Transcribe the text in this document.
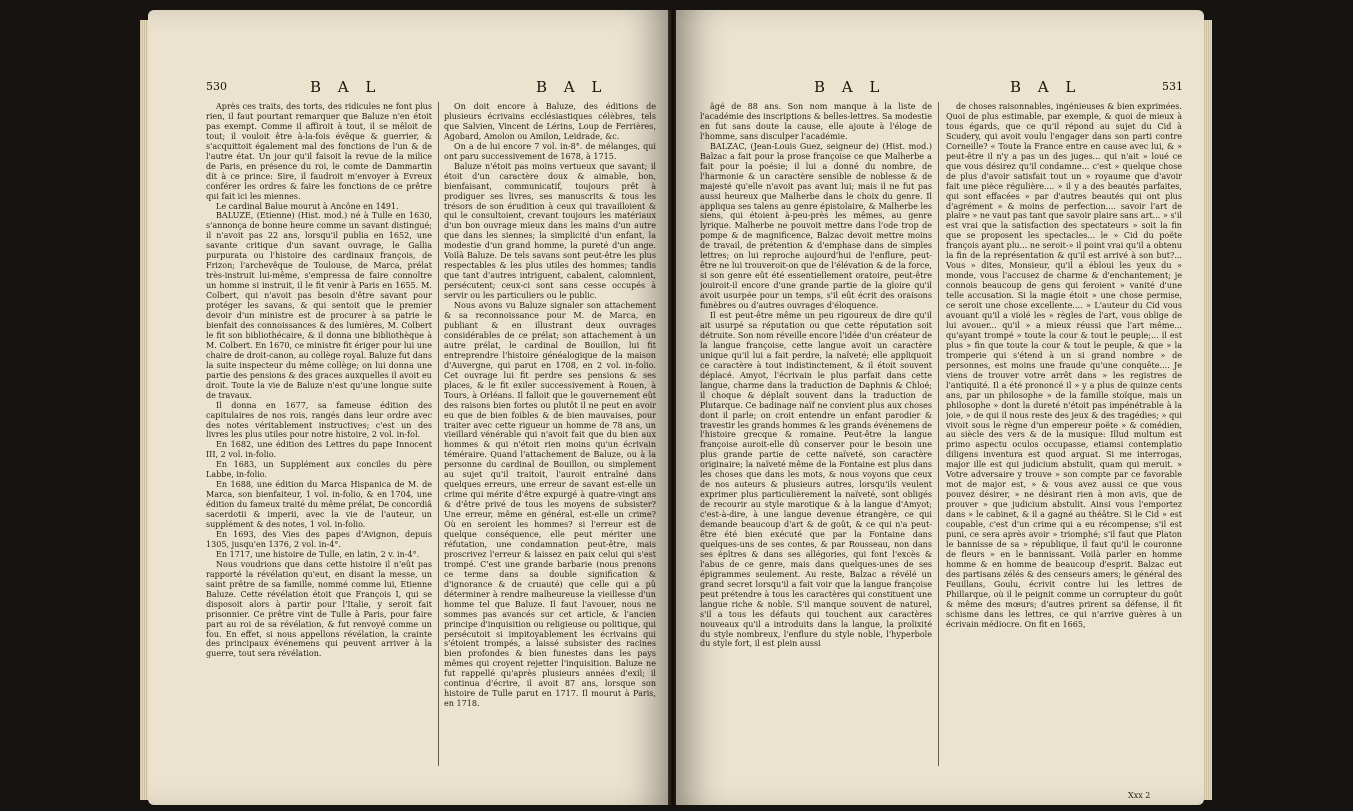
530	B A L	B A L

Après ces traits, des torts, des ridicules ne font plus rien, il faut pourtant remarquer que Baluze n'en étoit pas exempt. Comme il affiroit à tout, il se mêloit de tout; il vouloit être à-la-fois évêque & guerrier, & s'acquittoit également mal des fonctions de l'un & de l'autre état. Un jour qu'il faisoit la revue de la milice de Paris, en présence du roi, le comte de Dammartin dit à ce prince: Sire, il faudroit m'envoyer à Evreux conférer les ordres & faire les fonctions de ce prêtre qui fait ici les miennes.

Le cardinal Balue mourut à Ancône en 1491.

BALUZE, (Etienne) (Hist. mod.) né à Tulle en 1630, s'annonça de bonne heure comme un savant distingué; il n'avoit pas 22 ans, lorsqu'il publia en 1652, une savante critique d'un savant ouvrage, le Gallia purpurata ou l'histoire des cardinaux françois, de Frizon; l'archevêque de Toulouse, de Marca, prélat très-instruit lui-même, s'empressa de faire connoître un homme si instruit, il le fit venir à Paris en 1655. M. Colbert, qui n'avoit pas besoin d'être savant pour protéger les savans, & qui sentoit que le premier devoir d'un ministre est de procurer à sa patrie le bienfait des connoissances & des lumières, M. Colbert le fit son bibliothécaire, & il donna une bibliothèque à M. Colbert. En 1670, ce ministre fit ériger pour lui une chaire de droit-canon, au collège royal. Baluze fut dans la suite inspecteur du même collège; on lui donna une partie des pensions & des graces auxquelles il avoit eu droit. Toute la vie de Baluze n'est qu'une longue suite de travaux.

Il donna en 1677, sa fameuse édition des capitulaires de nos rois, rangés dans leur ordre avec des notes véritablement instructives; c'est un des livres les plus utiles pour notre histoire, 2 vol. in-fol.

En 1682, une édition des Lettres du pape Innocent III, 2 vol. in-folio.

En 1683, un Supplément aux conciles du père Labbe, in-folio.

En 1688, une édition du Marca Hispanica de M. de Marca, son bienfaiteur, 1 vol. in-folio, & en 1704, une édition du fameux traité du même prélat, De concordiâ sacerdotii & imperii, avec la vie de l'auteur, un supplément & des notes, 1 vol. in-folio.

En 1693, des Vies des papes d'Avignon, depuis 1305, jusqu'en 1376, 2 vol. in-4°.

En 1717, une histoire de Tulle, en latin, 2 v. in-4°.

Nous voudrions que dans cette histoire il n'eût pas rapporté la révélation qu'eut, en disant la messe, un saint prêtre de sa famille, nommé comme lui, Etienne Baluze. Cette révélation étoit que François I, qui se disposoit alors à partir pour l'Italie, y seroit fait prisonnier. Ce prêtre vint de Tulle à Paris, pour faire part au roi de sa révélation, & fut renvoyé comme un fou. En effet, si nous appellons révélation, la crainte des principaux événemens qui peuvent arriver à la guerre, tout sera révélation.

On doit encore à Baluze, des éditions de plusieurs écrivains ecclésiastiques célèbres, tels que Salvien, Vincent de Lérins, Loup de Ferrières, Agobard, Amolon ou Amilon, Leidrade, &c.

On a de lui encore 7 vol. in-8°. de mélanges, qui ont paru successivement de 1678, à 1715.

Baluze n'étoit pas moins vertueux que savant; il étoit d'un caractère doux & aimable, bon, bienfaisant, communicatif, toujours prêt à prodiguer ses livres, ses manuscrits & tous les trésors de son érudition à ceux qui travailloient & qui le consultoient, crevant toujours les matériaux d'un bon ouvrage mieux dans les mains d'un autre que dans les siennes; la simplicité d'un enfant, la modestie d'un grand homme, la pureté d'un ange. Voilà Baluze. De tels savans sont peut-être les plus respectables & les plus utiles des hommes; tandis que tant d'autres intriguent, cabalent, calomnient, persécutent; ceux-ci sont sans cesse occupés à servir ou les particuliers ou le public.

Nous avons vu Baluze signaler son attachement & sa reconnoissance pour M. de Marca, en publiant & en illustrant deux ouvrages considérables de ce prélat; son attachement à un autre prélat, le cardinal de Bouillon, lui fit entreprendre l'histoire généalogique de la maison d'Auvergne, qui parut en 1708, en 2 vol. in-folio. Cet ouvrage lui fit perdre ses pensions & ses places, & le fit exiler successivement à Rouen, à Tours, à Orléans. Il falloit que le gouvernement eût des raisons bien fortes ou plutôt il ne peut en avoir eu que de bien foibles & de bien mauvaises, pour traiter avec cette rigueur un homme de 78 ans, un vieillard vénérable qui n'avoit fait que du bien aux hommes & qui n'étoit rien moins qu'un écrivain téméraire. Quand l'attachement de Baluze, ou à la personne du cardinal de Bouillon, ou simplement au sujet qu'il traitoit, l'auroit entraîné dans quelques erreurs, une erreur de savant est-elle un crime qui mérite d'être expurgé à quatre-vingt ans & d'être privé de tous les moyens de subsister? Une erreur, même en général, est-elle un crime? Où en seroient les hommes? si l'erreur est de quelque conséquence, elle peut mériter une réfutation, une condamnation peut-être, mais proscrivez l'erreur & laissez en paix celui qui s'est trompé. C'est une grande barbarie (nous prenons ce terme dans sa double signification & d'ignorance & de cruauté) que celle qui a pû déterminer à rendre malheureuse la vieillesse d'un homme tel que Baluze. Il faut l'avouer, nous ne sommes pas avancés sur cet article, & l'ancien principe d'inquisition ou religieuse ou politique, qui persécutoit si impitoyablement les écrivains qui s'étoient trompés, a laissé subsister des racines bien profondes & bien funestes dans les pays mêmes qui croyent rejetter l'inquisition. Baluze ne fut rappellé qu'après plusieurs années d'exil; il continua d'écrire, il avoit 87 ans, lorsque son histoire de Tulle parut en 1717. Il mourut à Paris, en 1718.

B A L	B A L	531

âgé de 88 ans. Son nom manque à la liste de l'académie des inscriptions & belles-lettres. Sa modestie en fut sans doute la cause, elle ajoute à l'éloge de l'homme, sans disculper l'académie.

BALZAC, (Jean-Louis Guez, seigneur de) (Hist. mod.) Balzac a fait pour la prose françoise ce que Malherbe a fait pour la poésie; il lui a donné du nombre, de l'harmonie & un caractère sensible de noblesse & de majesté qu'elle n'avoit pas avant lui; mais il ne fut pas aussi heureux que Malherbe dans le choix du genre. Il appliqua ses talens au genre épistolaire, & Malherbe les siens, qui étoient à-peu-près les mêmes, au genre lyrique. Malherbe ne pouvoit mettre dans l'ode trop de pompe & de magnificence, Balzac devoit mettre moins de travail, de prétention & d'emphase dans de simples lettres; on lui reproche aujourd'hui de l'enflure, peut-être ne lui trouveroit-on que de l'élévation & de la force, si son genre eût été essentiellement oratoire, peut-être jouiroit-il encore d'une grande partie de la gloire qu'il avoit usurpée pour un temps, s'il eût écrit des oraisons funèbres ou d'autres ouvrages d'éloquence.

Il est peut-être même un peu rigoureux de dire qu'il ait usurpé sa réputation ou que cette réputation soit détruite. Son nom réveille encore l'idée d'un créateur de la langue françoise, cette langue avoit un caractère unique qu'il lui a fait perdre, la naïveté; elle appliquoit ce caractère à tout indistinctement, & il étoit souvent déplacé. Amyot, l'écrivain le plus parfait dans cette langue, charme dans la traduction de Daphnis & Chloé; il choque & déplaît souvent dans la traduction de Plutarque. Ce badinage naïf ne convient plus aux choses dont il parle; on croit entendre un enfant parodier & travestir les grands hommes & les grands événemens de l'histoire grecque & romaine. Peut-être la langue françoise auroit-elle dû conserver pour le besoin une plus grande partie de cette naïveté, son caractère originaire; la naïveté même de la Fontaine est plus dans les choses que dans les mots, & nous voyons que ceux de nos auteurs & plusieurs autres, lorsqu'ils veulent exprimer plus particulièrement la naïveté, sont obligés de recourir au style marotique & à la langue d'Amyot; c'est-à-dire, à une langue devenue étrangère, ce qui demande beaucoup d'art & de goût, & ce qui n'a peut-être été bien exécuté que par la Fontaine dans quelques-uns de ses contes, & par Rousseau, non dans ses épîtres & dans ses allégories, qui font l'excès & l'abus de ce genre, mais dans quelques-unes de ses épigrammes seulement. Au reste, Balzac a révélé un grand secret lorsqu'il a fait voir que la langue françoise peut prétendre à tous les caractères qui constituent une langue riche & noble. S'il manque souvent de naturel, s'il a tous les défauts qui touchent aux caractères nouveaux qu'il a introduits dans la langue, la prolixité du style nombreux, l'enflure du style noble, l'hyperbole du style fort, il est plein aussi

de choses raisonnables, ingénieuses & bien exprimées. Quoi de plus estimable, par exemple, & quoi de mieux à tous égards, que ce qu'il répond au sujet du Cid à Scudery, qui avoit voulu l'engager dans son parti contre Corneille? « Toute la France entre en cause avec lui, & » peut-être il n'y a pas un des juges... qui n'ait » loué ce que vous désirez qu'il condamne... c'est » quelque chose de plus d'avoir satisfait tout un » royaume que d'avoir fait une pièce régulière.... » il y a des beautés parfaites, qui sont effacées » par d'autres beautés qui ont plus d'agrément » & moins de perfection.... savoir l'art de plaire » ne vaut pas tant que savoir plaire sans art... » s'il est vrai que la satisfaction des spectateurs » soit la fin que se proposent les spectacles... le » Cid du poëte françois ayant plu... ne seroit-» il point vrai qu'il a obtenu la fin de la représentation & qu'il est arrivé à son but?... Vous » dites, Monsieur, qu'il a ébloui les yeux du » monde, vous l'accusez de charme & d'enchantement; je connois beaucoup de gens qui feroient » vanité d'une telle accusation. Si la magie étoit » une chose permise, ce seroit une chose excellente.... » L'auteur du Cid vous avouant qu'il a violé les » règles de l'art, vous oblige de lui avouer... qu'il » a mieux réussi que l'art même... qu'ayant trompé » toute la cour & tout le peuple;... il est plus » fin que toute la cour & tout le peuple, & que » la tromperie qui s'étend à un si grand nombre » de personnes, est moins une fraude qu'une conquête.... Je viens de trouver votre arrêt dans » les registres de l'antiquité. Il a été prononcé il » y a plus de quinze cents ans, par un philosophe » de la famille stoïque, mais un philosophe » dont la dureté n'étoit pas impénétrable à la joie, » de qui il nous reste des jeux & des tragédies; » qui vivoit sous le règne d'un empereur poëte » & comédien, au siècle des vers & de la musique: Illud multum est primo aspectu oculos occupasse, etiamsi contemplatio diligens inventura est quod arguat. Si me interrogas, major ille est qui judicium abstulit, quam qui meruit. » Votre adversaire y trouve » son compte par ce favorable mot de major est, » & vous avez aussi ce que vous pouvez désirer, » ne désirant rien à mon avis, que de prouver » que judicium abstulit. Ainsi vous l'emportez dans » le cabinet, & il a gagné au théâtre. Si le Cid » est coupable, c'est d'un crime qui a eu récompense; s'il est puni, ce sera après avoir » triomphé; s'il faut que Platon le bannisse de sa » république, il faut qu'il le couronne de fleurs » en le bannissant. Voilà parler en homme homme & en homme de beaucoup d'esprit. Balzac eut des partisans zélés & des censeurs amers; le général des Feuillans, Goulu, écrivit contre lui les lettres de Phillarque, où il le peignit comme un corrupteur du goût & même des mœurs; d'autres prirent sa défense, il fit schisme dans les lettres, ce qui n'arrive guères à un écrivain médiocre. On fit en 1665,

Xxx 2
